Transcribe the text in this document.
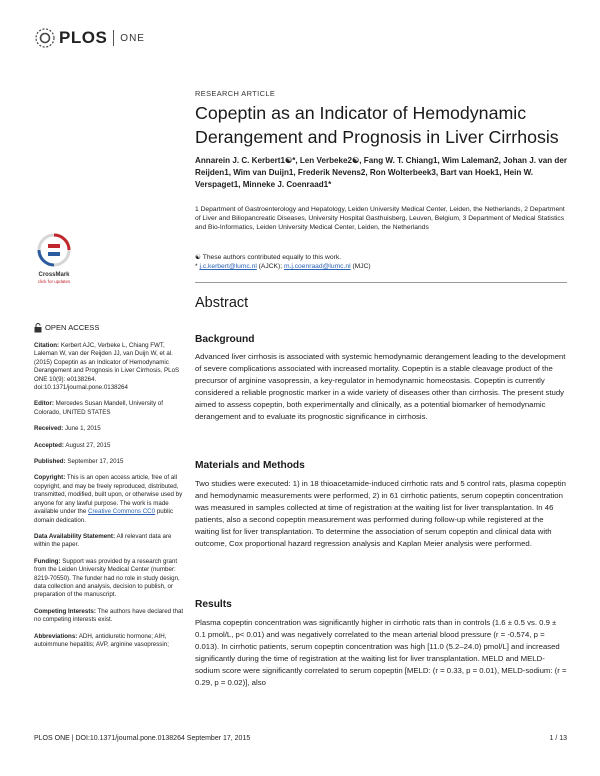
PLOS ONE
CrossMark
click for updates
OPEN ACCESS
Citation: Kerbert AJC, Verbeke L, Chiang FWT, Laleman W, van der Reijden JJ, van Duijn W, et al. (2015) Copeptin as an Indicator of Hemodynamic Derangement and Prognosis in Liver Cirrhosis. PLoS ONE 10(9): e0138264. doi:10.1371/journal.pone.0138264
Editor: Mercedes Susan Mandell, University of Colorado, UNITED STATES
Received: June 1, 2015
Accepted: August 27, 2015
Published: September 17, 2015
Copyright: This is an open access article, free of all copyright, and may be freely reproduced, distributed, transmitted, modified, built upon, or otherwise used by anyone for any lawful purpose. The work is made available under the Creative Commons CC0 public domain dedication.
Data Availability Statement: All relevant data are within the paper.
Funding: Support was provided by a research grant from the Leiden University Medical Center (number: 8219-70550). The funder had no role in study design, data collection and analysis, decision to publish, or preparation of the manuscript.
Competing Interests: The authors have declared that no competing interests exist.
Abbreviations: ADH, antidiuretic hormone; AIH, autoimmune hepatitis; AVP, arginine vasopressin;
RESEARCH ARTICLE
Copeptin as an Indicator of Hemodynamic Derangement and Prognosis in Liver Cirrhosis
Annarein J. C. Kerbert1☯*, Len Verbeke2☯, Fang W. T. Chiang1, Wim Laleman2, Johan J. van der Reijden1, Wim van Duijn1, Frederik Nevens2, Ron Wolterbeek3, Bart van Hoek1, Hein W. Verspaget1, Minneke J. Coenraad1*
1 Department of Gastroenterology and Hepatology, Leiden University Medical Center, Leiden, the Netherlands, 2 Department of Liver and Biliopancreatic Diseases, University Hospital Gasthuisberg, Leuven, Belgium, 3 Department of Medical Statistics and Bio-Informatics, Leiden University Medical Center, Leiden, the Netherlands
☯ These authors contributed equally to this work.
* j.c.kerbert@lumc.nl (AJCK); m.j.coenraad@lumc.nl (MJC)
Abstract
Background
Advanced liver cirrhosis is associated with systemic hemodynamic derangement leading to the development of severe complications associated with increased mortality. Copeptin is a stable cleavage product of the precursor of arginine vasopressin, a key-regulator in hemodynamic homeostasis. Copeptin is currently considered a reliable prognostic marker in a wide variety of diseases other than cirrhosis. The present study aimed to assess copeptin, both experimentally and clinically, as a potential biomarker of hemodynamic derangement and to evaluate its prognostic significance in cirrhosis.
Materials and Methods
Two studies were executed: 1) in 18 thioacetamide-induced cirrhotic rats and 5 control rats, plasma copeptin and hemodynamic measurements were performed, 2) in 61 cirrhotic patients, serum copeptin concentration was measured in samples collected at time of registration at the waiting list for liver transplantation. In 46 patients, also a second copeptin measurement was performed during follow-up while registered at the waiting list for liver transplantation. To determine the association of serum copeptin and clinical data with outcome, Cox proportional hazard regression analysis and Kaplan Meier analysis were performed.
Results
Plasma copeptin concentration was significantly higher in cirrhotic rats than in controls (1.6 ± 0.5 vs. 0.9 ± 0.1 pmol/L, p< 0.01) and was negatively correlated to the mean arterial blood pressure (r = -0.574, p = 0.013). In cirrhotic patients, serum copeptin concentration was high [11.0 (5.2–24.0) pmol/L] and increased significantly during the time of registration at the waiting list for liver transplantation. MELD and MELD-sodium score were significantly correlated to serum copeptin [MELD: (r = 0.33, p = 0.01), MELD-sodium: (r = 0.29, p = 0.02)], also
PLOS ONE | DOI:10.1371/journal.pone.0138264 September 17, 2015	1 / 13
